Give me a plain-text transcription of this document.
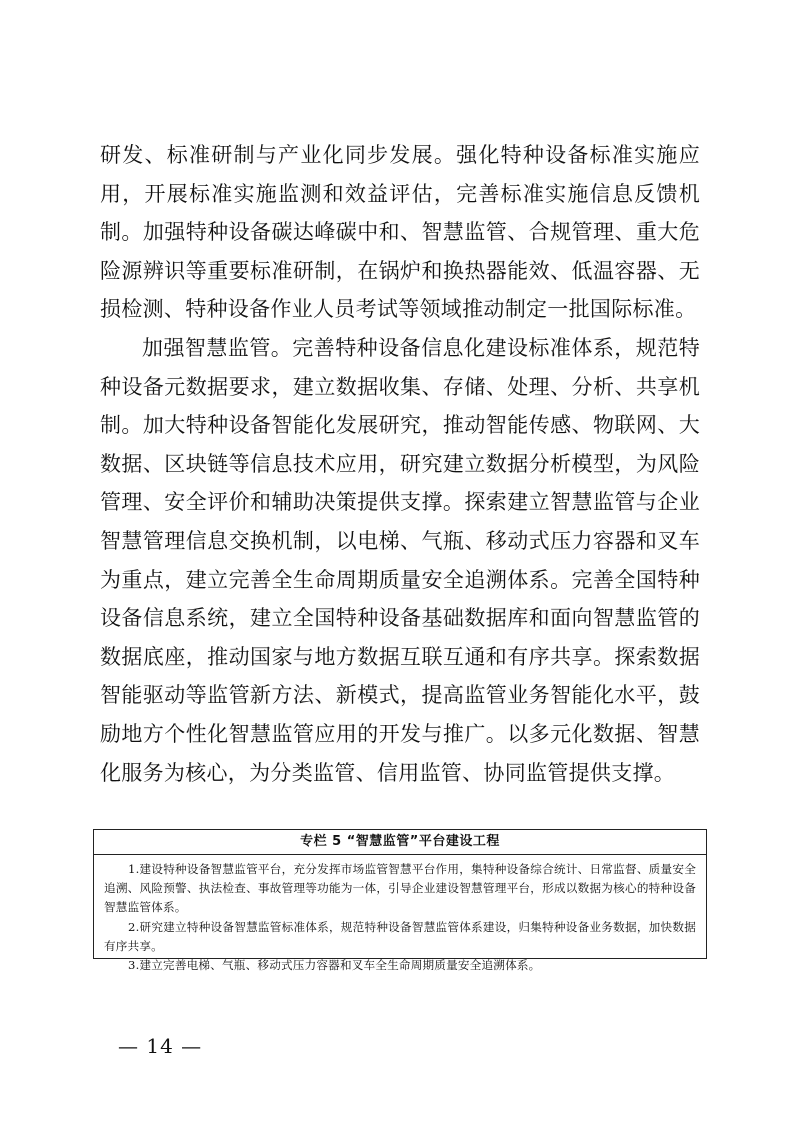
研发、标准研制与产业化同步发展。强化特种设备标准实施应用，开展标准实施监测和效益评估，完善标准实施信息反馈机制。加强特种设备碳达峰碳中和、智慧监管、合规管理、重大危险源辨识等重要标准研制，在锅炉和换热器能效、低温容器、无损检测、特种设备作业人员考试等领域推动制定一批国际标准。

加强智慧监管。完善特种设备信息化建设标准体系，规范特种设备元数据要求，建立数据收集、存储、处理、分析、共享机制。加大特种设备智能化发展研究，推动智能传感、物联网、大数据、区块链等信息技术应用，研究建立数据分析模型，为风险管理、安全评价和辅助决策提供支撑。探索建立智慧监管与企业智慧管理信息交换机制，以电梯、气瓶、移动式压力容器和叉车为重点，建立完善全生命周期质量安全追溯体系。完善全国特种设备信息系统，建立全国特种设备基础数据库和面向智慧监管的数据底座，推动国家与地方数据互联互通和有序共享。探索数据智能驱动等监管新方法、新模式，提高监管业务智能化水平，鼓励地方个性化智慧监管应用的开发与推广。以多元化数据、智慧化服务为核心，为分类监管、信用监管、协同监管提供支撑。

专栏 5 “智慧监管”平台建设工程

1.建设特种设备智慧监管平台，充分发挥市场监管智慧平台作用，集特种设备综合统计、日常监督、质量安全追溯、风险预警、执法检查、事故管理等功能为一体，引导企业建设智慧管理平台，形成以数据为核心的特种设备智慧监管体系。

2.研究建立特种设备智慧监管标准体系，规范特种设备智慧监管体系建设，归集特种设备业务数据，加快数据有序共享。

3.建立完善电梯、气瓶、移动式压力容器和叉车全生命周期质量安全追溯体系。

— 14 —
